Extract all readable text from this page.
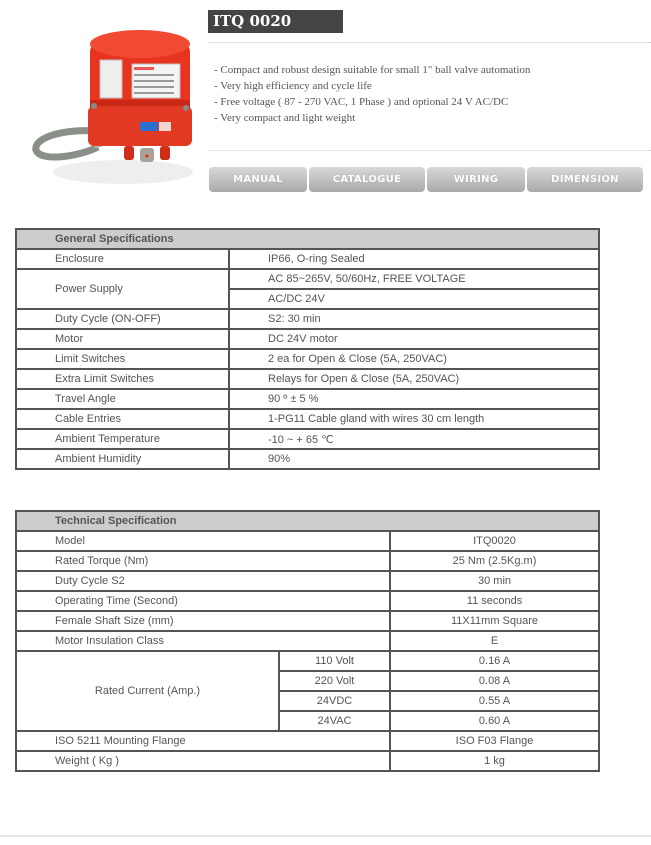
ITQ 0020
- Compact and robust design suitable for small 1" ball valve automation
- Very high efficiency and cycle life
- Free voltage ( 87 - 270 VAC, 1 Phase ) and optional 24 V AC/DC
- Very compact and light weight
MANUAL	CATALOGUE	WIRING	DIMENSION
General Specifications	
Enclosure	IP66, O-ring Sealed
Power Supply	AC 85~265V, 50/60Hz, FREE VOLTAGE
	AC/DC 24V
Duty Cycle (ON-OFF)	S2: 30 min
Motor	DC 24V motor
Limit Switches	2 ea for Open & Close (5A, 250VAC)
Extra Limit Switches	Relays for Open & Close (5A, 250VAC)
Travel Angle	90 º ± 5 %
Cable Entries	1-PG11 Cable gland with wires 30 cm length
Ambient Temperature	-10 ~ + 65 ℃
Ambient Humidity	90%
Technical Specification		
Model		ITQ0020
Rated Torque (Nm)		25 Nm (2.5Kg.m)
Duty Cycle S2		30 min
Operating Time (Second)		11 seconds
Female Shaft Size (mm)		11X11mm Square
Motor Insulation Class		E
Rated Current (Amp.)	110 Volt	0.16 A
	220 Volt	0.08 A
	24VDC	0.55 A
	24VAC	0.60 A
ISO 5211 Mounting Flange		ISO F03 Flange
Weight ( Kg )		1 kg
